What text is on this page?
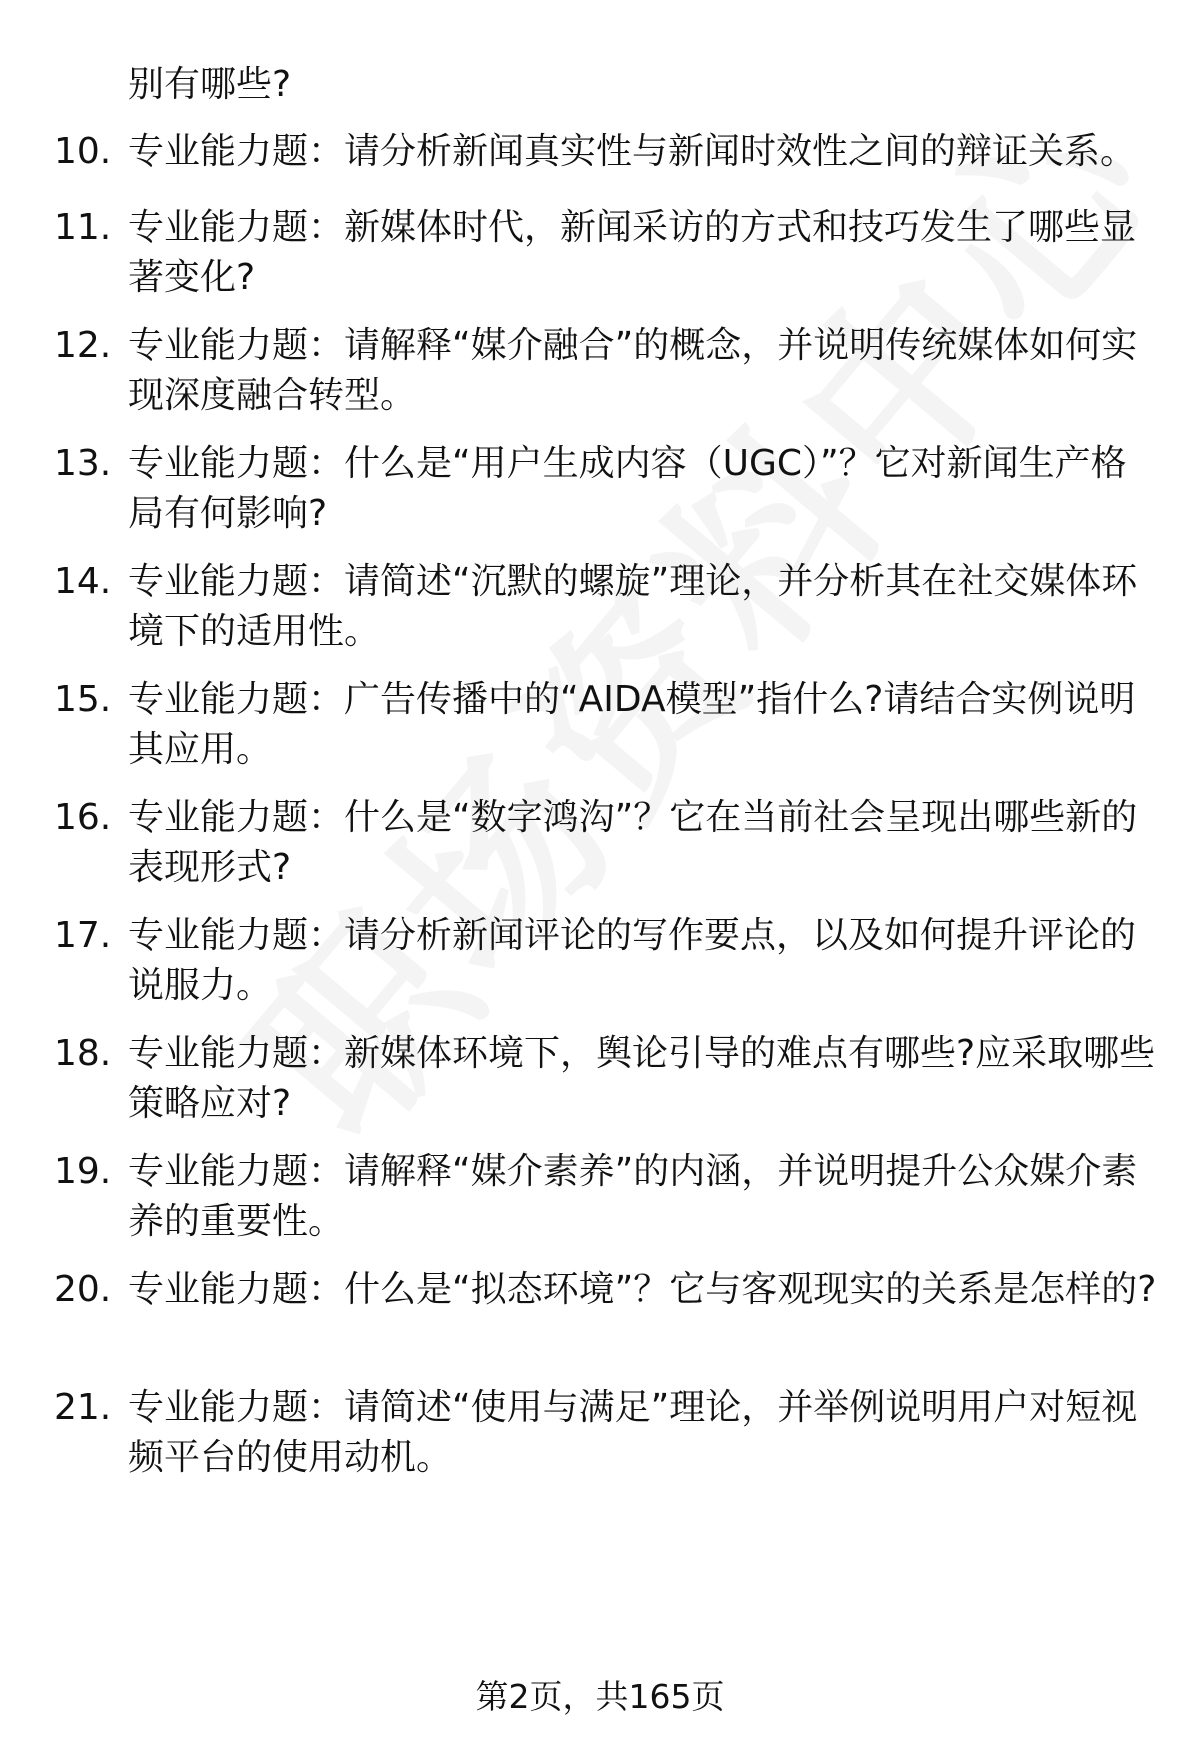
别有哪些?
10. 专业能力题：请分析新闻真实性与新闻时效性之间的辩证关系。
11. 专业能力题：新媒体时代，新闻采访的方式和技巧发生了哪些显著变化?
12. 专业能力题：请解释“媒介融合”的概念，并说明传统媒体如何实现深度融合转型。
13. 专业能力题：什么是“用户生成内容（UGC）”？它对新闻生产格局有何影响?
14. 专业能力题：请简述“沉默的螺旋”理论，并分析其在社交媒体环境下的适用性。
15. 专业能力题：广告传播中的“AIDA模型”指什么?请结合实例说明其应用。
16. 专业能力题：什么是“数字鸿沟”？它在当前社会呈现出哪些新的表现形式?
17. 专业能力题：请分析新闻评论的写作要点，以及如何提升评论的说服力。
18. 专业能力题：新媒体环境下，舆论引导的难点有哪些?应采取哪些策略应对?
19. 专业能力题：请解释“媒介素养”的内涵，并说明提升公众媒介素养的重要性。
20. 专业能力题：什么是“拟态环境”？它与客观现实的关系是怎样的?
21. 专业能力题：请简述“使用与满足”理论，并举例说明用户对短视频平台的使用动机。
第2页，共165页
